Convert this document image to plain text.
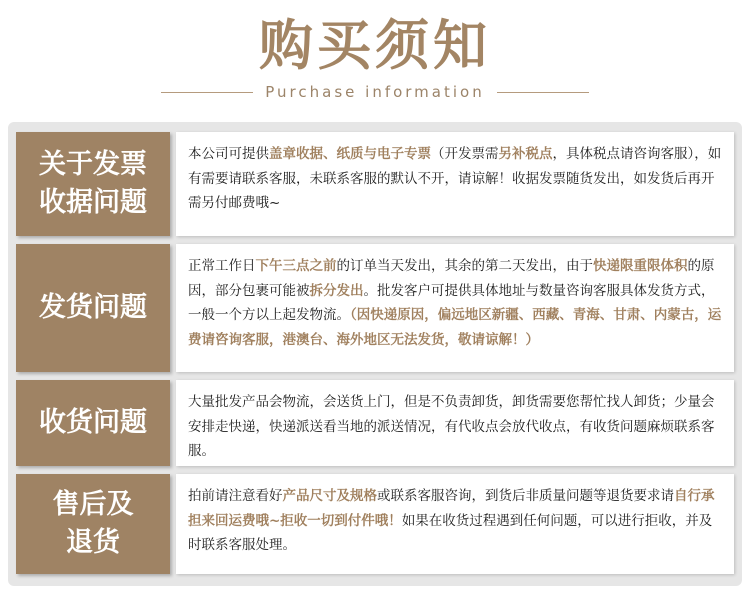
购买须知
Purchase information
关于发票
收据问题
本公司可提供盖章收据、纸质与电子专票（开发票需另补税点，具体税点请咨询客服），如有需要请联系客服，未联系客服的默认不开，请谅解！收据发票随货发出，如发货后再开需另付邮费哦~
发货问题
正常工作日下午三点之前的订单当天发出，其余的第二天发出，由于快递限重限体积的原因，部分包裹可能被拆分发出。批发客户可提供具体地址与数量咨询客服具体发货方式，一般一个方以上起发物流。（因快递原因，偏远地区新疆、西藏、青海、甘肃、内蒙古，运费请咨询客服，港澳台、海外地区无法发货，敬请谅解！）
收货问题
大量批发产品会物流，会送货上门，但是不负责卸货，卸货需要您帮忙找人卸货；少量会安排走快递，快递派送看当地的派送情况，有代收点会放代收点，有收货问题麻烦联系客服。
售后及
退货
拍前请注意看好产品尺寸及规格或联系客服咨询，到货后非质量问题等退货要求请自行承担来回运费哦~拒收一切到付件哦！如果在收货过程遇到任何问题，可以进行拒收，并及时联系客服处理。
